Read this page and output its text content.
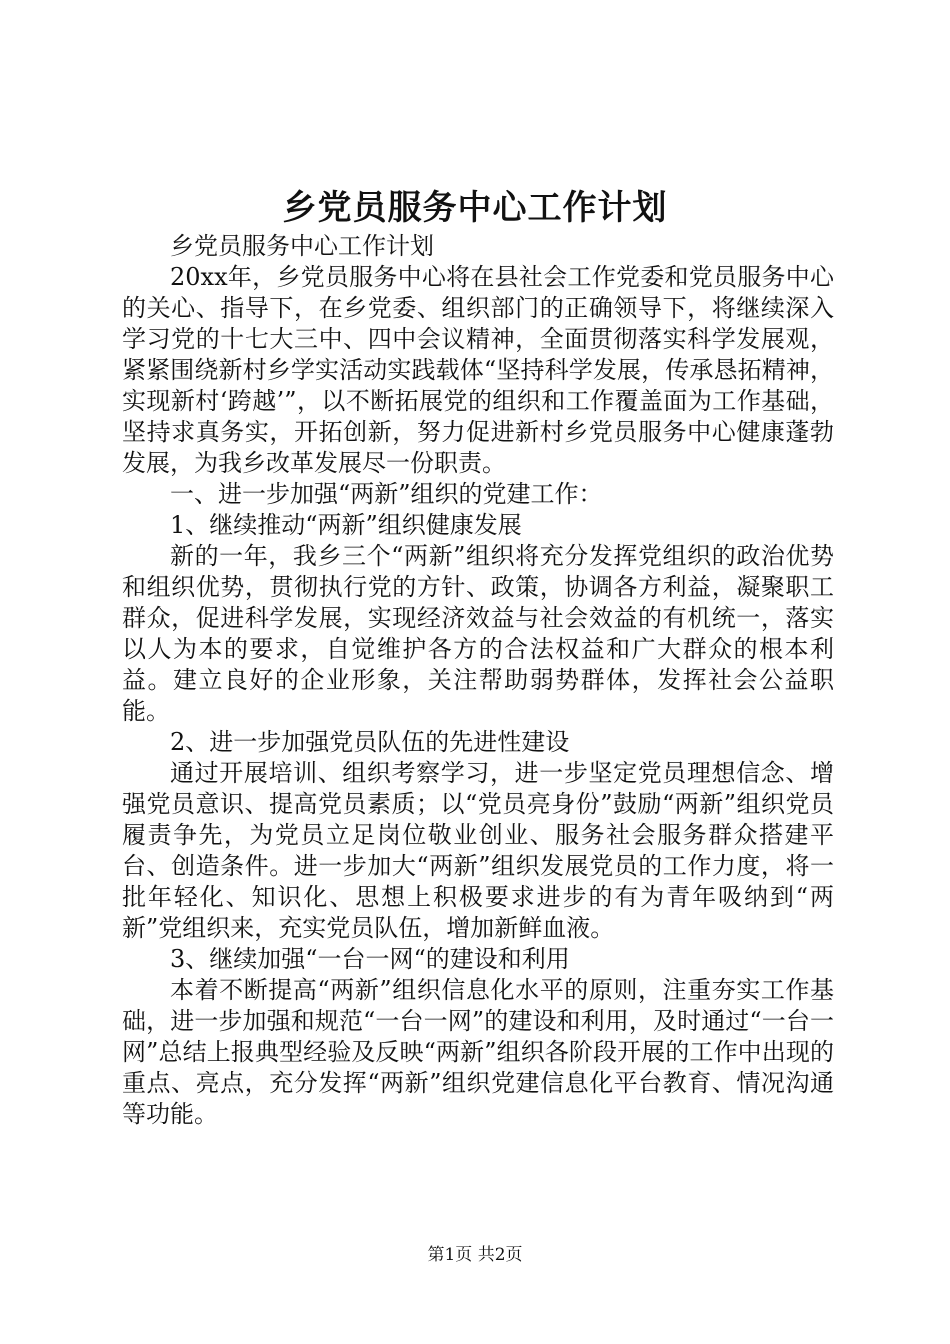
乡党员服务中心工作计划

乡党员服务中心工作计划

20xx年，乡党员服务中心将在县社会工作党委和党员服务中心的关心、指导下，在乡党委、组织部门的正确领导下，将继续深入学习党的十七大三中、四中会议精神，全面贯彻落实科学发展观，紧紧围绕新村乡学实活动实践载体“坚持科学发展，传承恳拓精神，实现新村‘跨越’”，以不断拓展党的组织和工作覆盖面为工作基础，坚持求真务实，开拓创新，努力促进新村乡党员服务中心健康蓬勃发展，为我乡改革发展尽一份职责。

一、进一步加强“两新”组织的党建工作：

1、继续推动“两新”组织健康发展

新的一年，我乡三个“两新”组织将充分发挥党组织的政治优势和组织优势，贯彻执行党的方针、政策，协调各方利益，凝聚职工群众，促进科学发展，实现经济效益与社会效益的有机统一，落实以人为本的要求，自觉维护各方的合法权益和广大群众的根本利益。建立良好的企业形象，关注帮助弱势群体，发挥社会公益职能。

2、进一步加强党员队伍的先进性建设

通过开展培训、组织考察学习，进一步坚定党员理想信念、增强党员意识、提高党员素质；以“党员亮身份”鼓励“两新”组织党员履责争先，为党员立足岗位敬业创业、服务社会服务群众搭建平台、创造条件。进一步加大“两新”组织发展党员的工作力度，将一批年轻化、知识化、思想上积极要求进步的有为青年吸纳到“两新”党组织来，充实党员队伍，增加新鲜血液。

3、继续加强“一台一网“的建设和利用

本着不断提高“两新”组织信息化水平的原则，注重夯实工作基础，进一步加强和规范“一台一网”的建设和利用，及时通过“一台一网”总结上报典型经验及反映“两新”组织各阶段开展的工作中出现的重点、亮点，充分发挥“两新”组织党建信息化平台教育、情况沟通等功能。

第1页 共2页
